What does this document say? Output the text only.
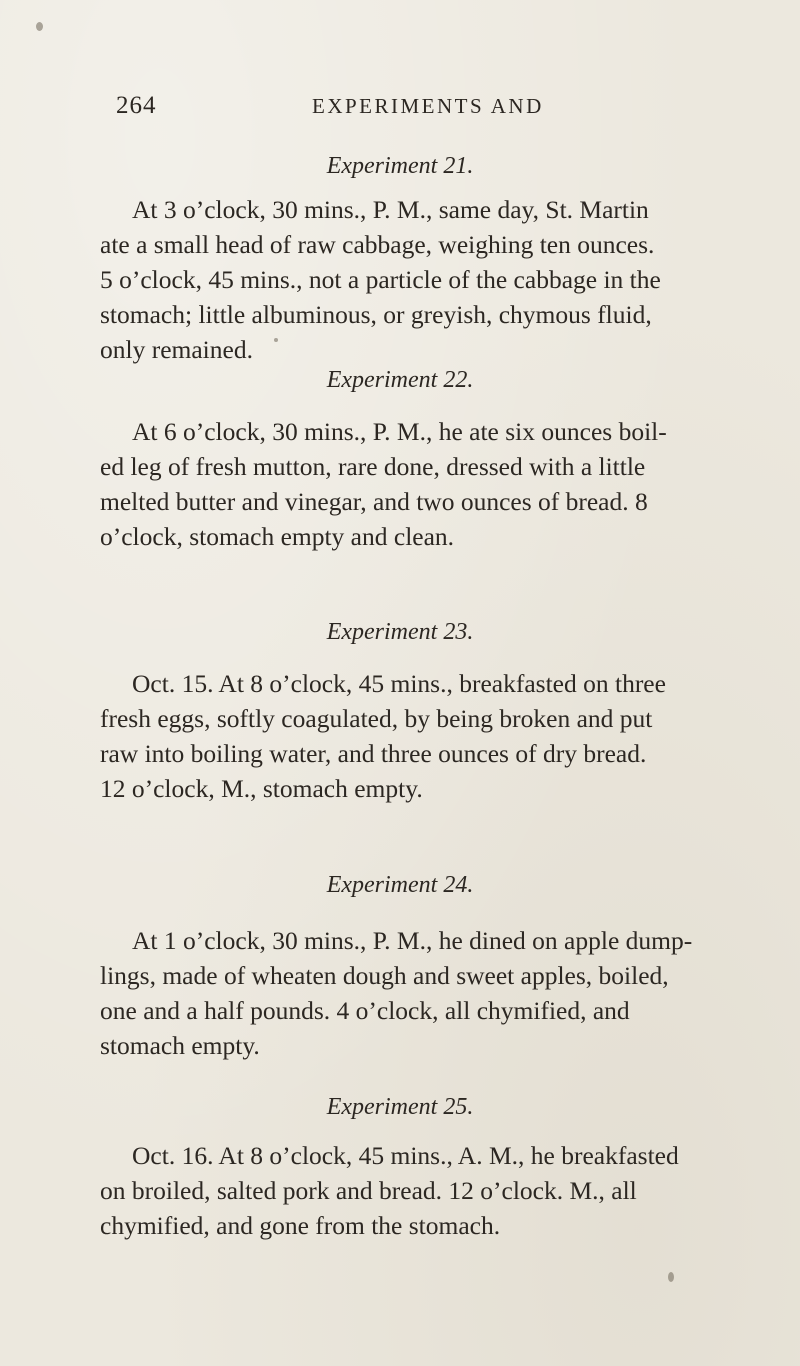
264	EXPERIMENTS AND
Experiment 21.
At 3 o’clock, 30 mins., P. M., same day, St. Martin
ate a small head of raw cabbage, weighing ten ounces.
5 o’clock, 45 mins., not a particle of the cabbage in the
stomach; little albuminous, or greyish, chymous fluid,
only remained.
Experiment 22.
At 6 o’clock, 30 mins., P. M., he ate six ounces boil-
ed leg of fresh mutton, rare done, dressed with a little
melted butter and vinegar, and two ounces of bread. 8
o’clock, stomach empty and clean.
Experiment 23.
Oct. 15. At 8 o’clock, 45 mins., breakfasted on three
fresh eggs, softly coagulated, by being broken and put
raw into boiling water, and three ounces of dry bread.
12 o’clock, M., stomach empty.
Experiment 24.
At 1 o’clock, 30 mins., P. M., he dined on apple dump-
lings, made of wheaten dough and sweet apples, boiled,
one and a half pounds. 4 o’clock, all chymified, and
stomach empty.
Experiment 25.
Oct. 16. At 8 o’clock, 45 mins., A. M., he breakfasted
on broiled, salted pork and bread. 12 o’clock. M., all
chymified, and gone from the stomach.
